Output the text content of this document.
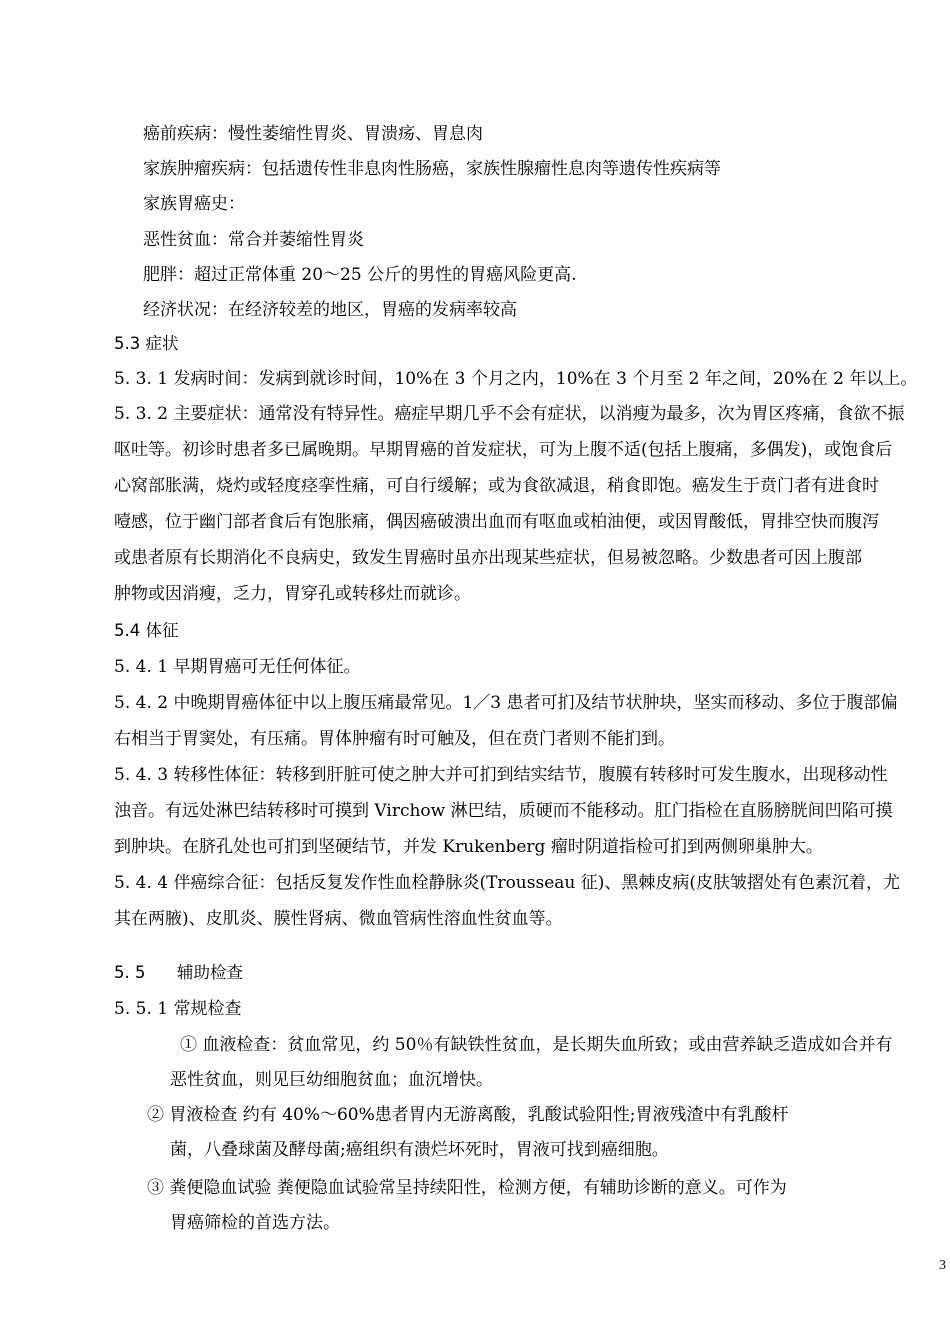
癌前疾病：慢性萎缩性胃炎、胃溃疡、胃息肉
家族肿瘤疾病：包括遗传性非息肉性肠癌，家族性腺瘤性息肉等遗传性疾病等
家族胃癌史：
恶性贫血：常合并萎缩性胃炎
肥胖：超过正常体重 20～25 公斤的男性的胃癌风险更高.
经济状况：在经济较差的地区，胃癌的发病率较高
5.3 症状
5. 3. 1 发病时间：发病到就诊时间，10%在 3 个月之内，10%在 3 个月至 2 年之间，20%在 2 年以上。
5. 3. 2 主要症状：通常没有特异性。癌症早期几乎不会有症状，以消瘦为最多，次为胃区疼痛，食欲不振
呕吐等。初诊时患者多已属晚期。早期胃癌的首发症状，可为上腹不适(包括上腹痛，多偶发)，或饱食后
心窝部胀满，烧灼或轻度痉挛性痛，可自行缓解；或为食欲减退，稍食即饱。癌发生于贲门者有进食时
噎感，位于幽门部者食后有饱胀痛，偶因癌破溃出血而有呕血或柏油便，或因胃酸低，胃排空快而腹泻
或患者原有长期消化不良病史，致发生胃癌时虽亦出现某些症状，但易被忽略。少数患者可因上腹部
肿物或因消瘦，乏力，胃穿孔或转移灶而就诊。
5.4 体征
5. 4. 1 早期胃癌可无任何体征。
5. 4. 2 中晚期胃癌体征中以上腹压痛最常见。1／3 患者可扪及结节状肿块，坚实而移动、多位于腹部偏
右相当于胃窦处，有压痛。胃体肿瘤有时可触及，但在贲门者则不能扪到。
5. 4. 3 转移性体征：转移到肝脏可使之肿大并可扪到结实结节，腹膜有转移时可发生腹水，出现移动性
浊音。有远处淋巴结转移时可摸到 Virchow 淋巴结，质硬而不能移动。肛门指检在直肠膀胱间凹陷可摸
到肿块。在脐孔处也可扪到坚硬结节，并发 Krukenberg 瘤时阴道指检可扪到两侧卵巢肿大。
5. 4. 4 伴癌综合征：包括反复发作性血栓静脉炎(Trousseau 征)、黑棘皮病(皮肤皱摺处有色素沉着，尤
其在两腋)、皮肌炎、膜性肾病、微血管病性溶血性贫血等。
5. 5      辅助检查
5. 5. 1 常规检查
① 血液检查：贫血常见，约 50％有缺铁性贫血，是长期失血所致；或由营养缺乏造成如合并有
恶性贫血，则见巨幼细胞贫血；血沉增快。
② 胃液检查 约有 40%～60%患者胃内无游离酸，乳酸试验阳性;胃液残渣中有乳酸杆
菌，八叠球菌及酵母菌;癌组织有溃烂坏死时，胃液可找到癌细胞。
③ 粪便隐血试验 粪便隐血试验常呈持续阳性，检测方便，有辅助诊断的意义。可作为
胃癌筛检的首选方法。
3
